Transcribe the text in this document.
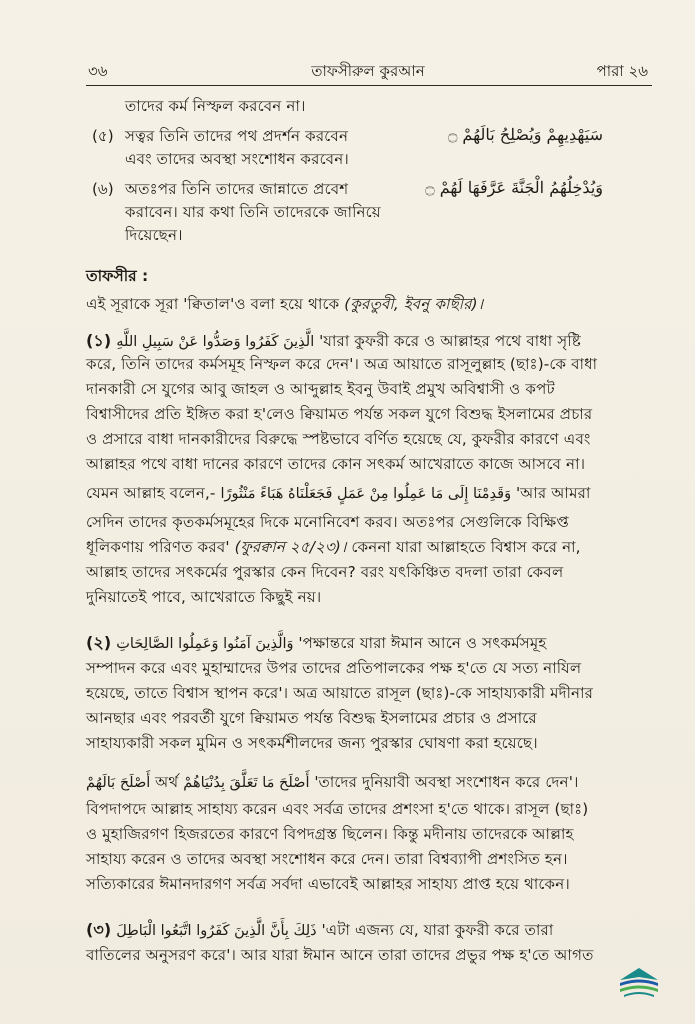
৩৬	তাফসীরুল কুরআন	পারা ২৬
তাদের কর্ম নিস্ফল করবেন না।
(৫) সত্বর তিনি তাদের পথ প্রদর্শন করবেন
এবং তাদের অবস্থা সংশোধন করবেন।
سَيَهْدِيهِمْ وَيُصْلِحُ بَالَهُمْ ۝
(৬) অতঃপর তিনি তাদের জান্নাতে প্রবেশ
করাবেন। যার কথা তিনি তাদেরকে জানিয়ে
দিয়েছেন।
وَيُدْخِلُهُمُ الْجَنَّةَ عَرَّفَهَا لَهُمْ ۝
তাফসীর :
এই সূরাকে সূরা 'ক্বিতাল'ও বলা হয়ে থাকে (কুরতুবী, ইবনু কাছীর)।
(১) الَّذِينَ كَفَرُوا وَصَدُّوا عَنْ سَبِيلِ اللَّهِ 'যারা কুফরী করে ও আল্লাহর পথে বাধা সৃষ্টি
করে, তিনি তাদের কর্মসমূহ নিস্ফল করে দেন'। অত্র আয়াতে রাসূলুল্লাহ (ছাঃ)-কে বাধা
দানকারী সে যুগের আবু জাহল ও আব্দুল্লাহ ইবনু উবাই প্রমুখ অবিশ্বাসী ও কপট
বিশ্বাসীদের প্রতি ইঙ্গিত করা হ'লেও ক্বিয়ামত পর্যন্ত সকল যুগে বিশুদ্ধ ইসলামের প্রচার
ও প্রসারে বাধা দানকারীদের বিরুদ্ধে স্পষ্টভাবে বর্ণিত হয়েছে যে, কুফরীর কারণে এবং
আল্লাহর পথে বাধা দানের কারণে তাদের কোন সৎকর্ম আখেরাতে কাজে আসবে না।
যেমন আল্লাহ বলেন,- وَقَدِمْنَا إِلَى مَا عَمِلُوا مِنْ عَمَلٍ فَجَعَلْنَاهُ هَبَاءً مَنْثُورًا 'আর আমরা
সেদিন তাদের কৃতকর্মসমূহের দিকে মনোনিবেশ করব। অতঃপর সেগুলিকে বিক্ষিপ্ত
ধূলিকণায় পরিণত করব' (ফুরক্বান ২৫/২৩)। কেননা যারা আল্লাহতে বিশ্বাস করে না,
আল্লাহ তাদের সৎকর্মের পুরস্কার কেন দিবেন? বরং যৎকিঞ্চিত বদলা তারা কেবল
দুনিয়াতেই পাবে, আখেরাতে কিছুই নয়।
(২) وَالَّذِينَ آمَنُوا وَعَمِلُوا الصَّالِحَاتِ 'পক্ষান্তরে যারা ঈমান আনে ও সৎকর্মসমূহ
সম্পাদন করে এবং মুহাম্মাদের উপর তাদের প্রতিপালকের পক্ষ হ'তে যে সত্য নাযিল
হয়েছে, তাতে বিশ্বাস স্থাপন করে'। অত্র আয়াতে রাসূল (ছাঃ)-কে সাহায্যকারী মদীনার
আনছার এবং পরবর্তী যুগে ক্বিয়ামত পর্যন্ত বিশুদ্ধ ইসলামের প্রচার ও প্রসারে
সাহায্যকারী সকল মুমিন ও সৎকর্মশীলদের জন্য পুরস্কার ঘোষণা করা হয়েছে।
أَصْلَحَ بَالَهُمْ অর্থ أَصْلَحَ مَا تَعَلَّقَ بِدُنْيَاهُمْ 'তাদের দুনিয়াবী অবস্থা সংশোধন করে দেন'।
বিপদাপদে আল্লাহ সাহায্য করেন এবং সর্বত্র তাদের প্রশংসা হ'তে থাকে। রাসূল (ছাঃ)
ও মুহাজিরগণ হিজরতের কারণে বিপদগ্রস্ত ছিলেন। কিন্তু মদীনায় তাদেরকে আল্লাহ
সাহায্য করেন ও তাদের অবস্থা সংশোধন করে দেন। তারা বিশ্বব্যাপী প্রশংসিত হন।
সত্যিকারের ঈমানদারগণ সর্বত্র সর্বদা এভাবেই আল্লাহর সাহায্য প্রাপ্ত হয়ে থাকেন।
(৩) ذَلِكَ بِأَنَّ الَّذِينَ كَفَرُوا اتَّبَعُوا الْبَاطِلَ 'এটা এজন্য যে, যারা কুফরী করে তারা
বাতিলের অনুসরণ করে'। আর যারা ঈমান আনে তারা তাদের প্রভুর পক্ষ হ'তে আগত
